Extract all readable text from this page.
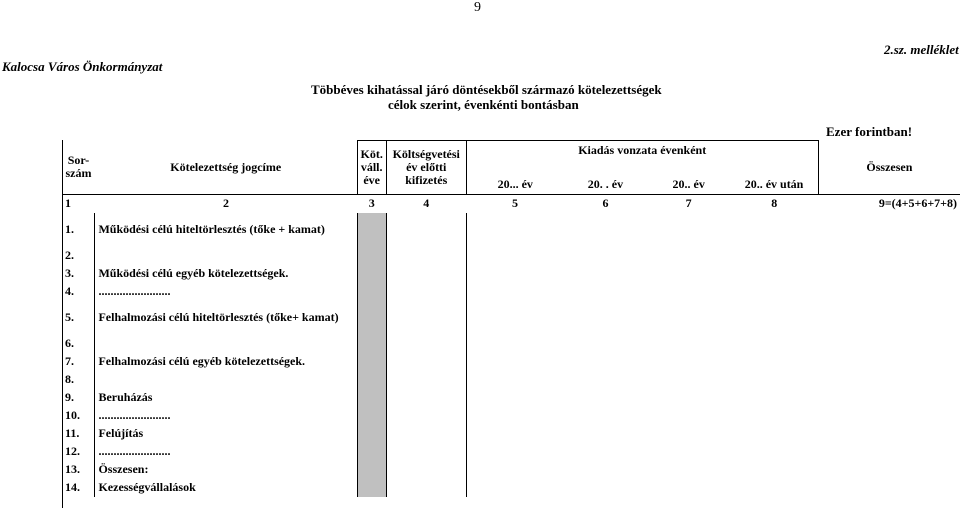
9
Kalocsa Város Önkormányzat
2.sz. melléklet
Többéves kihatással járó döntésekből származó kötelezettségek
célok szerint, évenkénti bontásban
Ezer forintban!
Sor- szám	Kötelezettség jogcíme	Köt. váll. éve	Költségvetési év előtti kifizetés	Kiadás vonzata évenként				Összesen

				20... év	20. . év	20.. év	20.. év után	
1	2	3	4	5	6	7	8	9=(4+5+6+7+8)
1.	Működési célú hiteltörlesztés (tőke + kamat)							
2.								
3.	Működési célú egyéb kötelezettségek.							
4.	........................							
5.	Felhalmozási célú hiteltörlesztés (tőke+ kamat)							
6.								
7.	Felhalmozási célú egyéb kötelezettségek.							
8.								
9.	Beruházás							
10.	........................							
11.	Felújítás							
12.	........................							
13.	Összesen:							
14.	Kezességvállalások							
